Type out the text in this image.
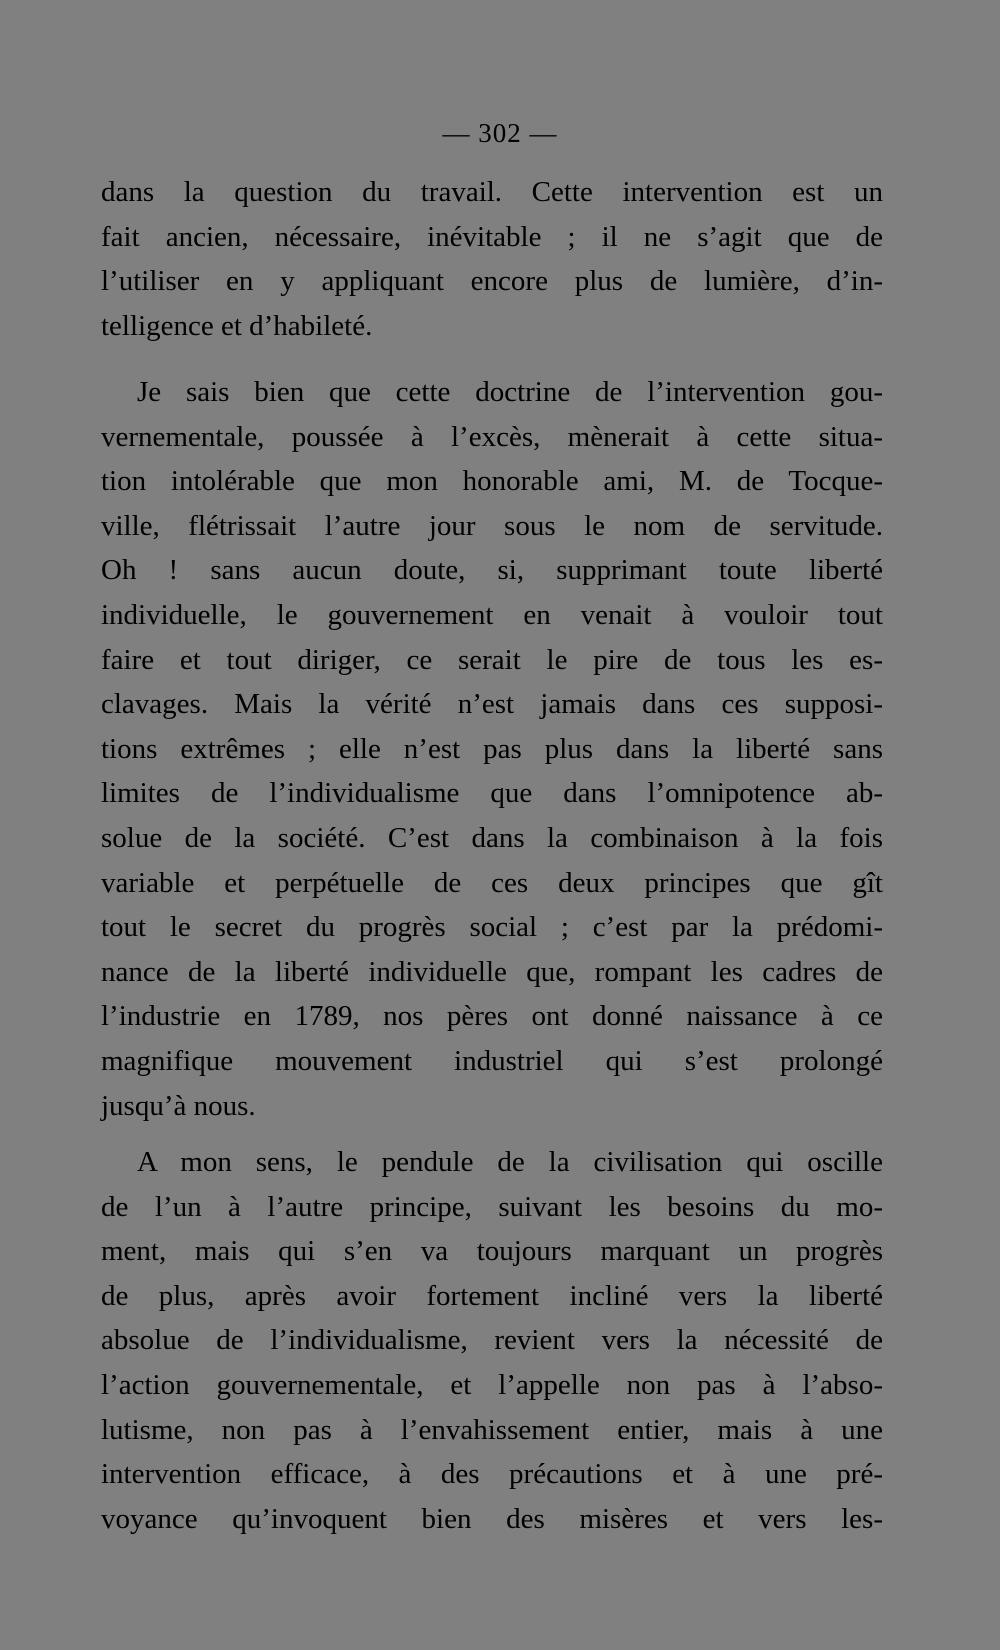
— 302 —
dans la question du travail. Cette intervention est un
fait ancien, nécessaire, inévitable ; il ne s’agit que de
l’utiliser en y appliquant encore plus de lumière, d’in-
telligence et d’habileté.
Je sais bien que cette doctrine de l’intervention gou-
vernementale, poussée à l’excès, mènerait à cette situa-
tion intolérable que mon honorable ami, M. de Tocque-
ville, flétrissait l’autre jour sous le nom de servitude.
Oh ! sans aucun doute, si, supprimant toute liberté
individuelle, le gouvernement en venait à vouloir tout
faire et tout diriger, ce serait le pire de tous les es-
clavages. Mais la vérité n’est jamais dans ces supposi-
tions extrêmes ; elle n’est pas plus dans la liberté sans
limites de l’individualisme que dans l’omnipotence ab-
solue de la société. C’est dans la combinaison à la fois
variable et perpétuelle de ces deux principes que gît
tout le secret du progrès social ; c’est par la prédomi-
nance de la liberté individuelle que, rompant les cadres de
l’industrie en 1789, nos pères ont donné naissance à ce
magnifique mouvement industriel qui s’est prolongé
jusqu’à nous.
A mon sens, le pendule de la civilisation qui oscille
de l’un à l’autre principe, suivant les besoins du mo-
ment, mais qui s’en va toujours marquant un progrès
de plus, après avoir fortement incliné vers la liberté
absolue de l’individualisme, revient vers la nécessité de
l’action gouvernementale, et l’appelle non pas à l’abso-
lutisme, non pas à l’envahissement entier, mais à une
intervention efficace, à des précautions et à une pré-
voyance qu’invoquent bien des misères et vers les-
